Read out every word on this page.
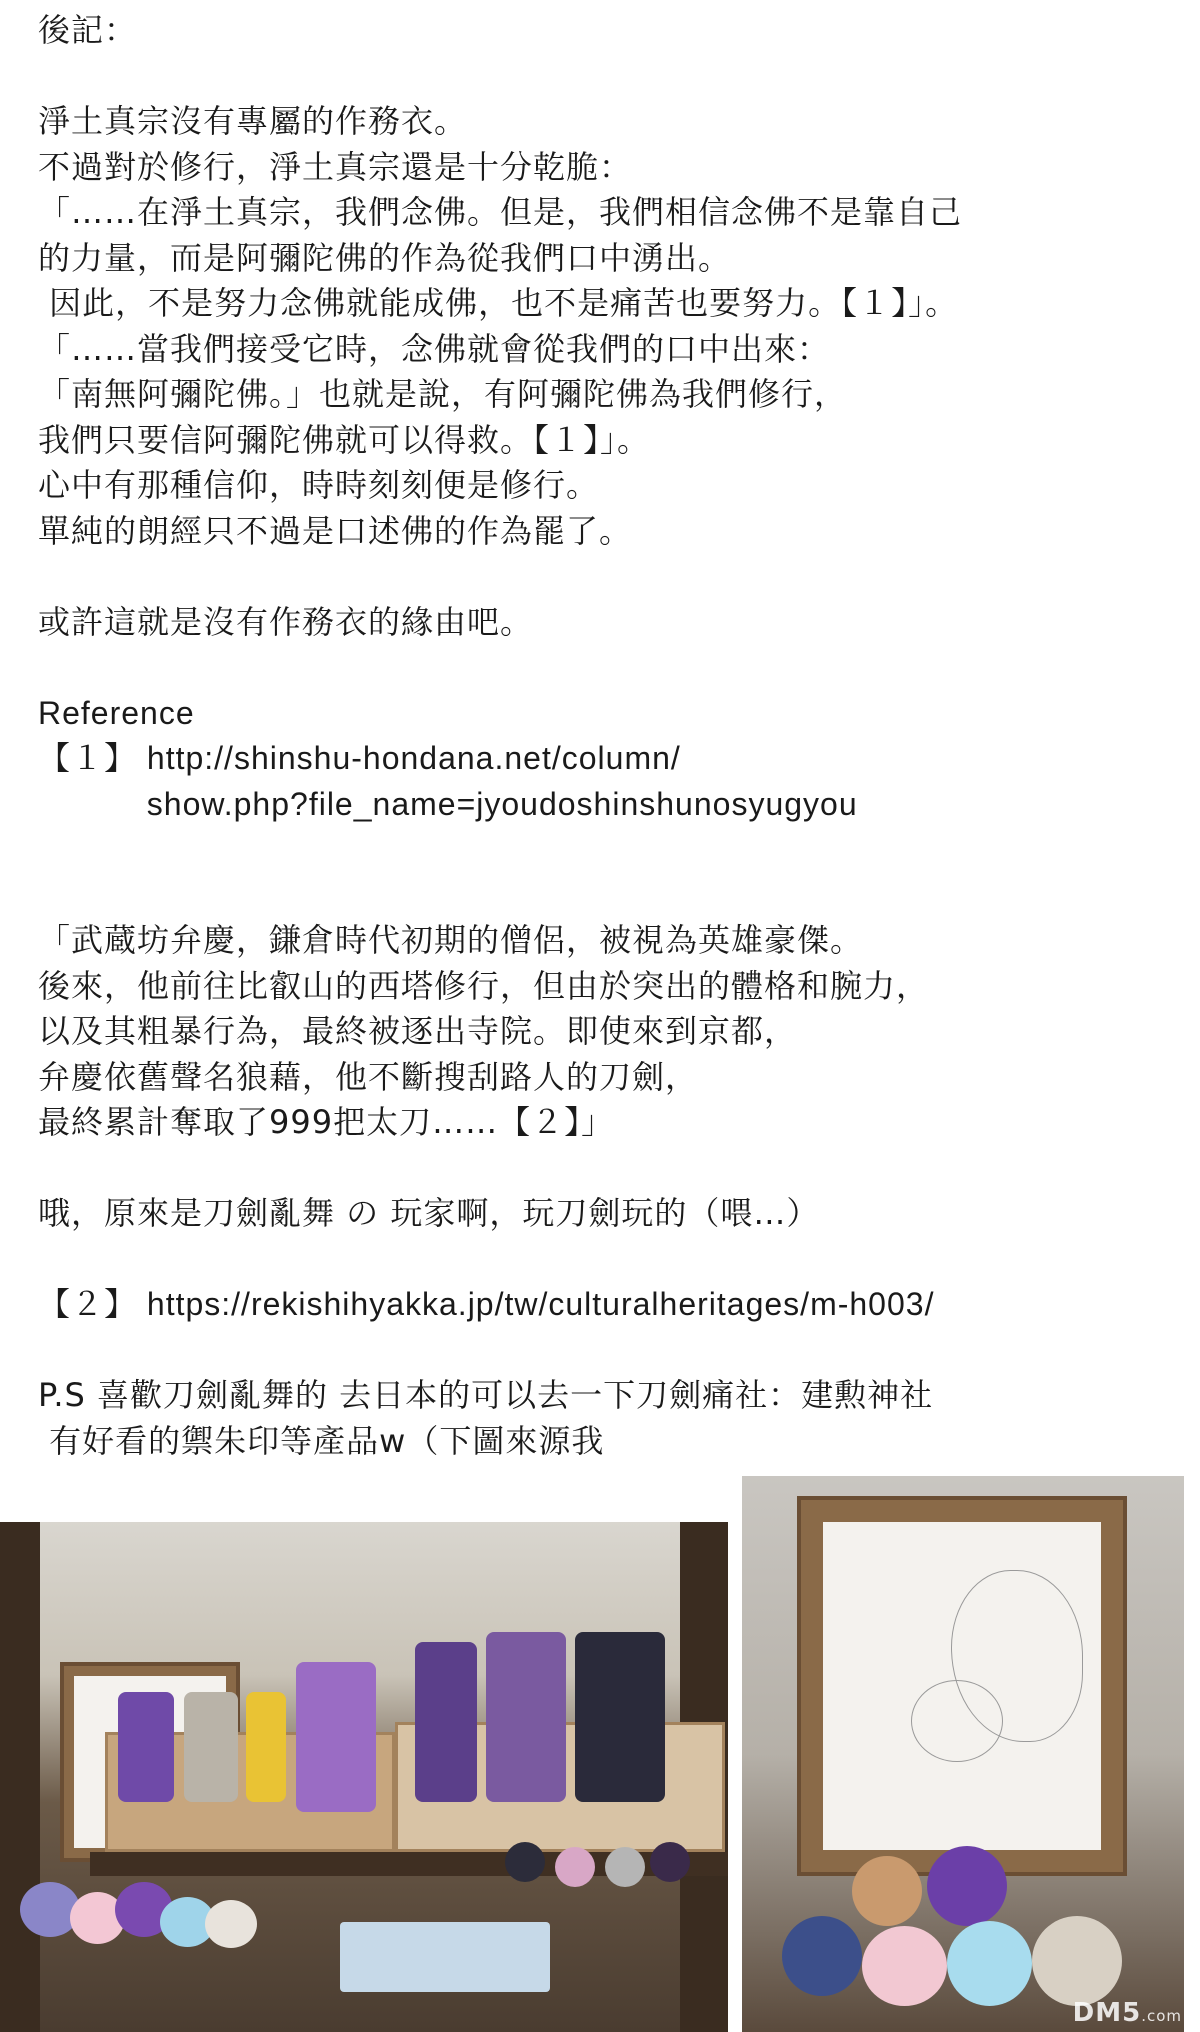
後記：
淨土真宗沒有專屬的作務衣。
不過對於修行，淨土真宗還是十分乾脆：
「……在淨土真宗，我們念佛。但是，我們相信念佛不是靠自己
的力量，而是阿彌陀佛的作為從我們口中湧出。
因此，不是努力念佛就能成佛，也不是痛苦也要努力。【１】」。
「……當我們接受它時，念佛就會從我們的口中出來：
「南無阿彌陀佛。」也就是說，有阿彌陀佛為我們修行，
我們只要信阿彌陀佛就可以得救。【１】」。
心中有那種信仰，時時刻刻便是修行。
單純的朗經只不過是口述佛的作為罷了。
或許這就是沒有作務衣的緣由吧。
Reference
【１】 http://shinshu-hondana.net/column/
show.php?file_name=jyoudoshinshunosyugyou
「武蔵坊弁慶，鎌倉時代初期的僧侶，被視為英雄豪傑。
後來，他前往比叡山的西塔修行，但由於突出的體格和腕力，
以及其粗暴行為，最終被逐出寺院。即使來到京都，
弁慶依舊聲名狼藉，他不斷搜刮路人的刀劍，
最終累計奪取了999把太刀……【２】」
哦，原來是刀劍亂舞 の 玩家啊，玩刀劍玩的（喂…）
【２】 https://rekishihyakka.jp/tw/culturalheritages/m-h003/
P.S 喜歡刀劍亂舞的 去日本的可以去一下刀劍痛社：建勲神社
有好看的禦朱印等產品w（下圖來源我
DM5.com
